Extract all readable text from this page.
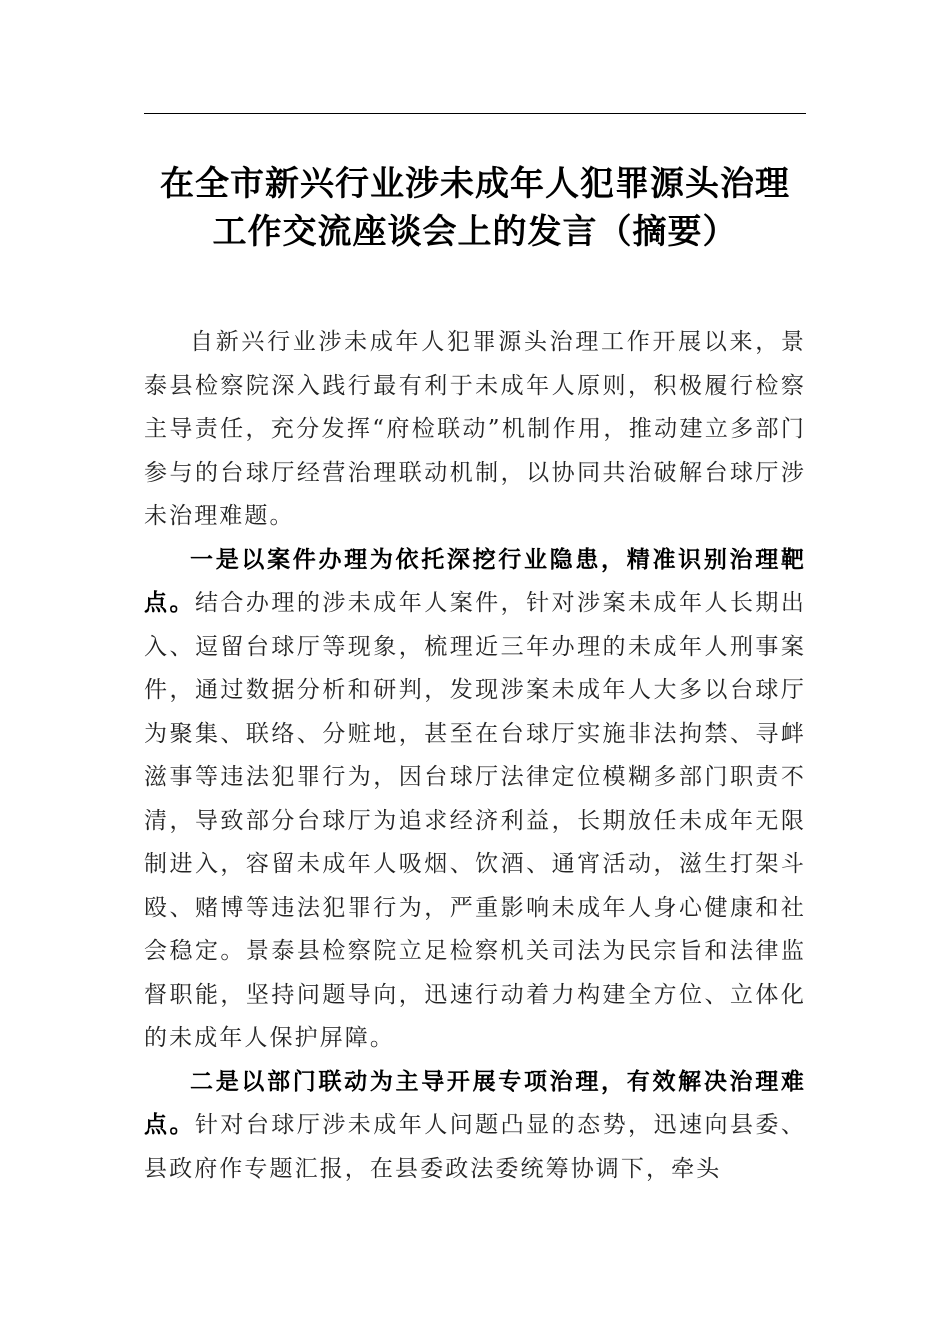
在全市新兴行业涉未成年人犯罪源头治理
工作交流座谈会上的发言（摘要）

自新兴行业涉未成年人犯罪源头治理工作开展以来，景泰县检察院深入践行最有利于未成年人原则，积极履行检察主导责任，充分发挥“府检联动”机制作用，推动建立多部门参与的台球厅经营治理联动机制，以协同共治破解台球厅涉未治理难题。

一是以案件办理为依托深挖行业隐患，精准识别治理靶点。结合办理的涉未成年人案件，针对涉案未成年人长期出入、逗留台球厅等现象，梳理近三年办理的未成年人刑事案件，通过数据分析和研判，发现涉案未成年人大多以台球厅为聚集、联络、分赃地，甚至在台球厅实施非法拘禁、寻衅滋事等违法犯罪行为，因台球厅法律定位模糊多部门职责不清，导致部分台球厅为追求经济利益，长期放任未成年无限制进入，容留未成年人吸烟、饮酒、通宵活动，滋生打架斗殴、赌博等违法犯罪行为，严重影响未成年人身心健康和社会稳定。景泰县检察院立足检察机关司法为民宗旨和法律监督职能，坚持问题导向，迅速行动着力构建全方位、立体化的未成年人保护屏障。

二是以部门联动为主导开展专项治理，有效解决治理难点。针对台球厅涉未成年人问题凸显的态势，迅速向县委、县政府作专题汇报，在县委政法委统筹协调下，牵头
